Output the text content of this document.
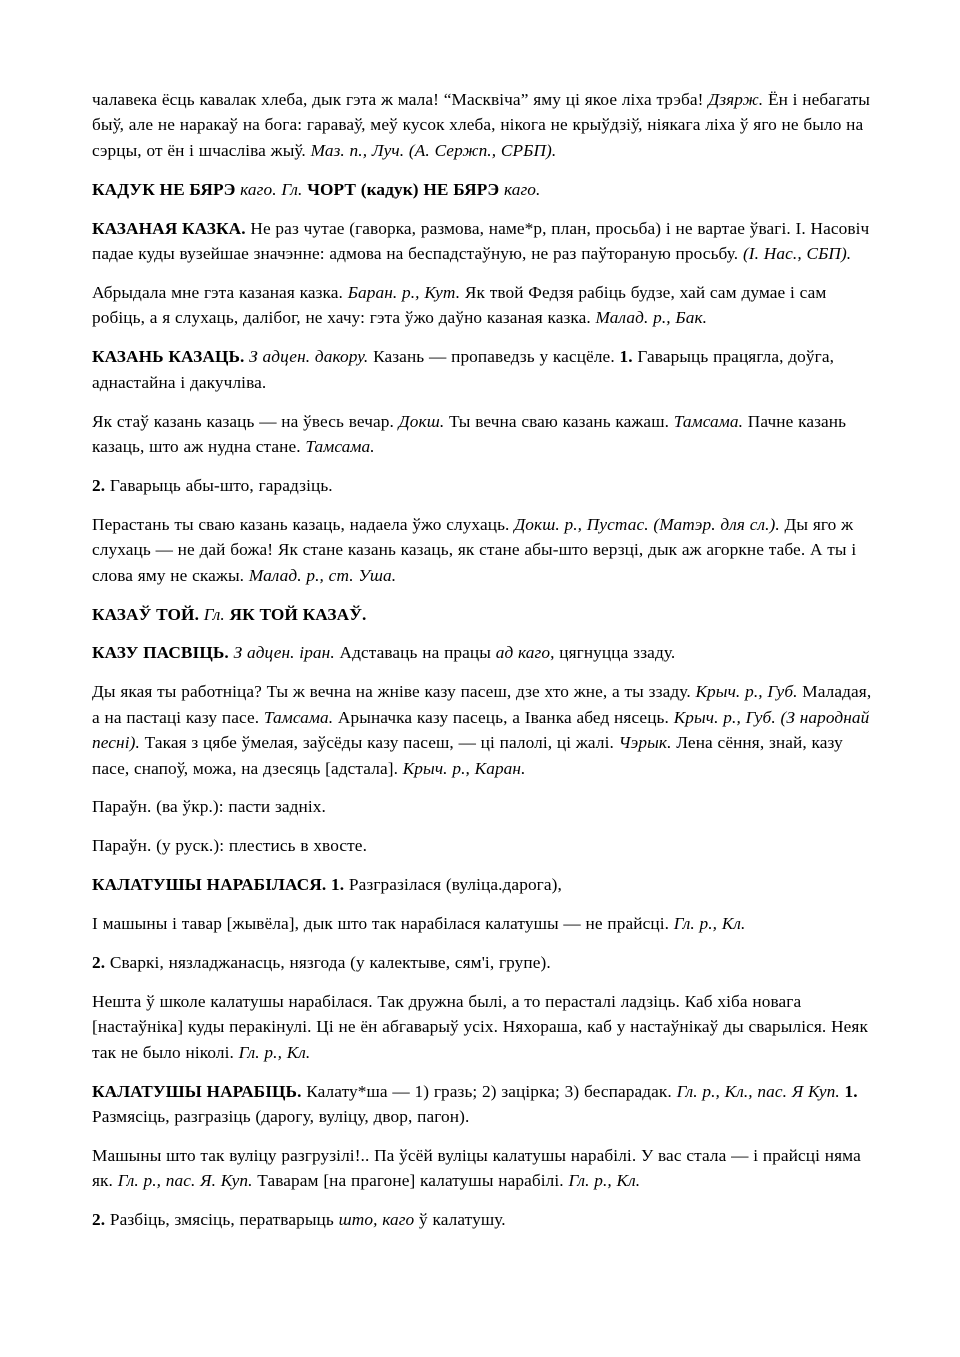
чалавека ёсць кавалак хлеба, дык гэта ж мала! “Масквіча” яму ці якое ліха трэба! Дзярж. Ён і небагаты быў, але не наракаў на бога: гараваў, меў кусок хлеба, нікога не крыўдзіў, ніякага ліха ў яго не было на сэрцы, от ён і шчасліва жыў. Маз. п., Луч. (А. Сержп., СРБП).

КАДУК НЕ БЯРЭ каго. Гл. ЧОРТ (кадук) НЕ БЯРЭ каго.

КАЗАНАЯ КАЗКА. Не раз чутае (гаворка, размова, наме*р, план, просьба) і не вартае ўвагі. І. Насовіч падае куды вузейшае значэнне: адмова на беспадстаўную, не раз паўтораную просьбу. (І. Нас., СБП).

Абрыдала мне гэта казаная казка. Баран. р., Кут. Як твой Федзя рабіць будзе, хай сам думае і сам робіць, а я слухаць, далібог, не хачу: гэта ўжо даўно казаная казка. Малад. р., Бак.

КАЗАНЬ КАЗАЦЬ. З адцен. дакору. Казань — пропаведзь у касцёле. 1. Гаварыць працягла, доўга, аднастайна і дакучліва.

Як стаў казань казаць — на ўвесь вечар. Докш. Ты вечна сваю казань кажаш. Тамсама. Пачне казань казаць, што аж нудна стане. Тамсама.

2. Гаварыць абы-што, гарадзіць.

Перастань ты сваю казань казаць, надаела ўжо слухаць. Докш. р., Пустас. (Матэр. для сл.). Ды яго ж слухаць — не дай божа! Як стане казань казаць, як стане абы-што верзці, дык аж агоркне табе. А ты і слова яму не скажы. Малад. р., ст. Уша.

КАЗАЎ ТОЙ. Гл. ЯК ТОЙ КАЗАЎ.

КАЗУ ПАСВІЦЬ. З адцен. іран. Адставаць на працы ад каго, цягнуцца ззаду.

Ды якая ты работніца? Ты ж вечна на жніве казу пасеш, дзе хто жне, а ты ззаду. Крыч. р., Губ. Маладая, а на пастаці казу пасе. Тамсама. Арыначка казу пасець, а Іванка абед нясець. Крыч. р., Губ. (З народнай песні). Такая з цябе ўмелая, заўсёды казу пасеш, — ці палолі, ці жалі. Чэрык. Лена сёння, знай, казу пасе, снапоў, можа, на дзесяць [адстала]. Крыч. р., Каран.

Параўн. (ва ўкр.): пасти задніх.

Параўн. (у руск.): плестись в хвосте.

КАЛАТУШЫ НАРАБІЛАСЯ. 1. Разгразілася (вуліца.дарога),

І машыны і тавар [жывёла], дык што так нарабілася калатушы — не прайсці. Гл. р., Кл.

2. Сваркі, нязладжанасць, нязгода (у калектыве, сям'і, групе).

Нешта ў школе калатушы нарабілася. Так дружна былі, а то перасталі ладзіць. Каб хіба новага [настаўніка] куды перакінулі. Ці не ён абгаварыў усіх. Няхораша, каб у настаўнікаў ды сварыліся. Неяк так не было ніколі. Гл. р., Кл.

КАЛАТУШЫ НАРАБІЦЬ. Калату*ша — 1) гразь; 2) зацірка; 3) беспарадак. Гл. р., Кл., пас. Я Куп. 1. Размясіць, разгразіць (дарогу, вуліцу, двор, пагон).

Машыны што так вуліцу разгрузілі!.. Па ўсёй вуліцы калатушы нарабілі. У вас стала — і прайсці няма як. Гл. р., пас. Я. Куп. Таварам [на прагоне] калатушы нарабілі. Гл. р., Кл.

2. Разбіць, змясіць, ператварыць што, каго ў калатушу.
